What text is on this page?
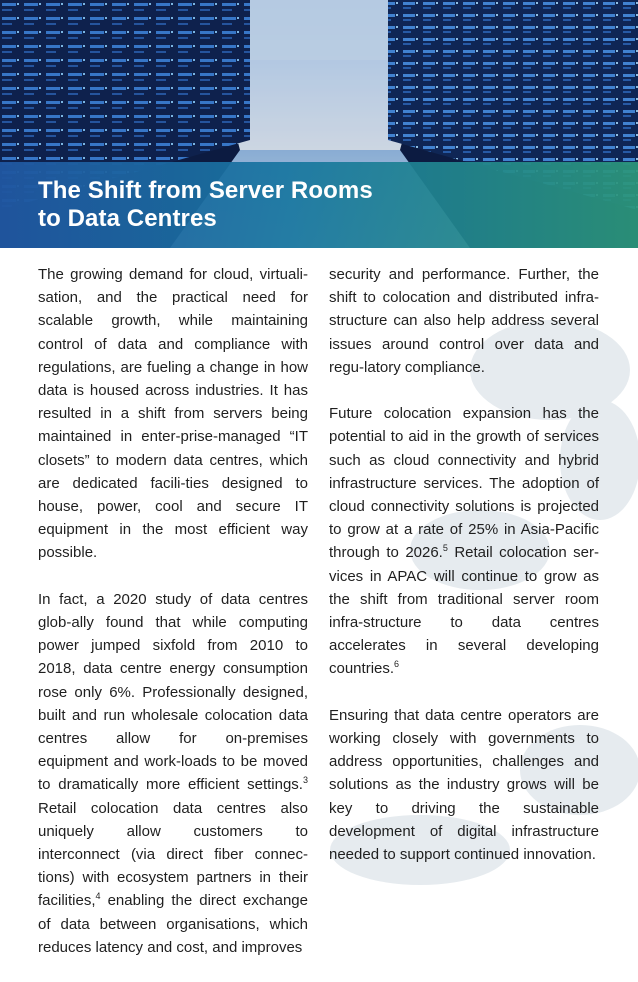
The Shift from Server Rooms
to Data Centres

The growing demand for cloud, virtuali-sation, and the practical need for scalable growth, while maintaining control of data and compliance with regulations, are fueling a change in how data is housed across industries. It has resulted in a shift from servers being maintained in enter-prise-managed “IT closets” to modern data centres, which are dedicated facili-ties designed to house, power, cool and secure IT equipment in the most efficient way possible.

In fact, a 2020 study of data centres glob-ally found that while computing power jumped sixfold from 2010 to 2018, data centre energy consumption rose only 6%. Professionally designed, built and run wholesale colocation data centres allow for on-premises equipment and work-loads to be moved to dramatically more efficient settings.$^3$ Retail colocation data centres also uniquely allow customers to interconnect (via direct fiber connec-tions) with ecosystem partners in their facilities,$^4$ enabling the direct exchange of data between organisations, which reduces latency and cost, and improves

security and performance. Further, the shift to colocation and distributed infra-structure can also help address several issues around control over data and regu-latory compliance.

Future colocation expansion has the potential to aid in the growth of services such as cloud connectivity and hybrid infrastructure services. The adoption of cloud connectivity solutions is projected to grow at a rate of 25% in Asia-Pacific through to 2026.$^5$ Retail colocation ser-vices in APAC will continue to grow as the shift from traditional server room infra-structure to data centres accelerates in several developing countries.$^6$

Ensuring that data centre operators are working closely with governments to address opportunities, challenges and solutions as the industry grows will be key to driving the sustainable development of digital infrastructure needed to support continued innovation.
